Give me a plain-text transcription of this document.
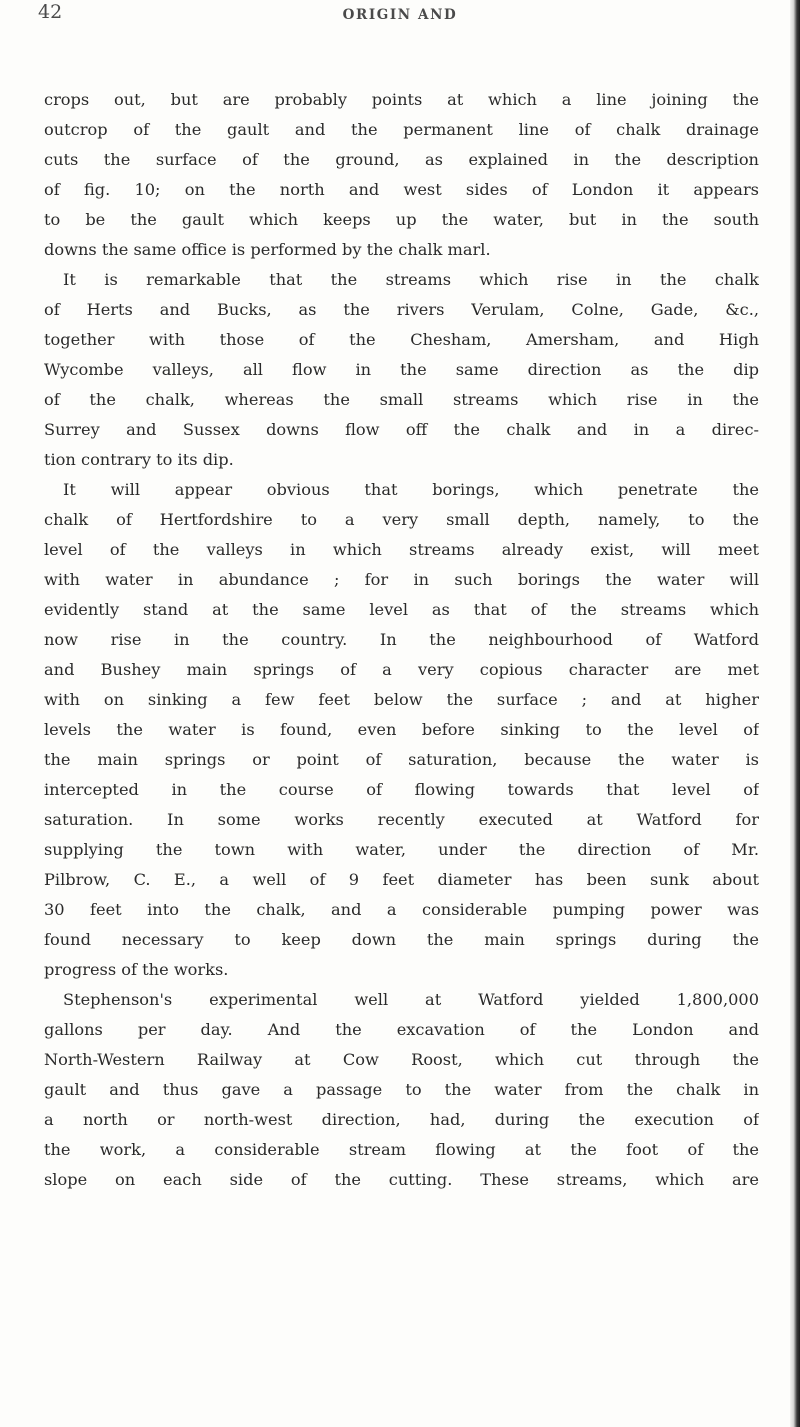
42	ORIGIN AND
crops out, but are probably points at which a line joining the
outcrop of the gault and the permanent line of chalk drainage
cuts the surface of the ground, as explained in the description
of fig. 10; on the north and west sides of London it appears
to be the gault which keeps up the water, but in the south
downs the same office is performed by the chalk marl.
It is remarkable that the streams which rise in the chalk
of Herts and Bucks, as the rivers Verulam, Colne, Gade, &c.,
together with those of the Chesham, Amersham, and High
Wycombe valleys, all flow in the same direction as the dip
of the chalk, whereas the small streams which rise in the
Surrey and Sussex downs flow off the chalk and in a direc-
tion contrary to its dip.
It will appear obvious that borings, which penetrate the
chalk of Hertfordshire to a very small depth, namely, to the
level of the valleys in which streams already exist, will meet
with water in abundance ; for in such borings the water will
evidently stand at the same level as that of the streams which
now rise in the country. In the neighbourhood of Watford
and Bushey main springs of a very copious character are met
with on sinking a few feet below the surface ; and at higher
levels the water is found, even before sinking to the level of
the main springs or point of saturation, because the water is
intercepted in the course of flowing towards that level of
saturation. In some works recently executed at Watford for
supplying the town with water, under the direction of Mr.
Pilbrow, C. E., a well of 9 feet diameter has been sunk about
30 feet into the chalk, and a considerable pumping power was
found necessary to keep down the main springs during the
progress of the works.
Stephenson's experimental well at Watford yielded 1,800,000
gallons per day. And the excavation of the London and
North-Western Railway at Cow Roost, which cut through the
gault and thus gave a passage to the water from the chalk in
a north or north-west direction, had, during the execution of
the work, a considerable stream flowing at the foot of the
slope on each side of the cutting. These streams, which are
